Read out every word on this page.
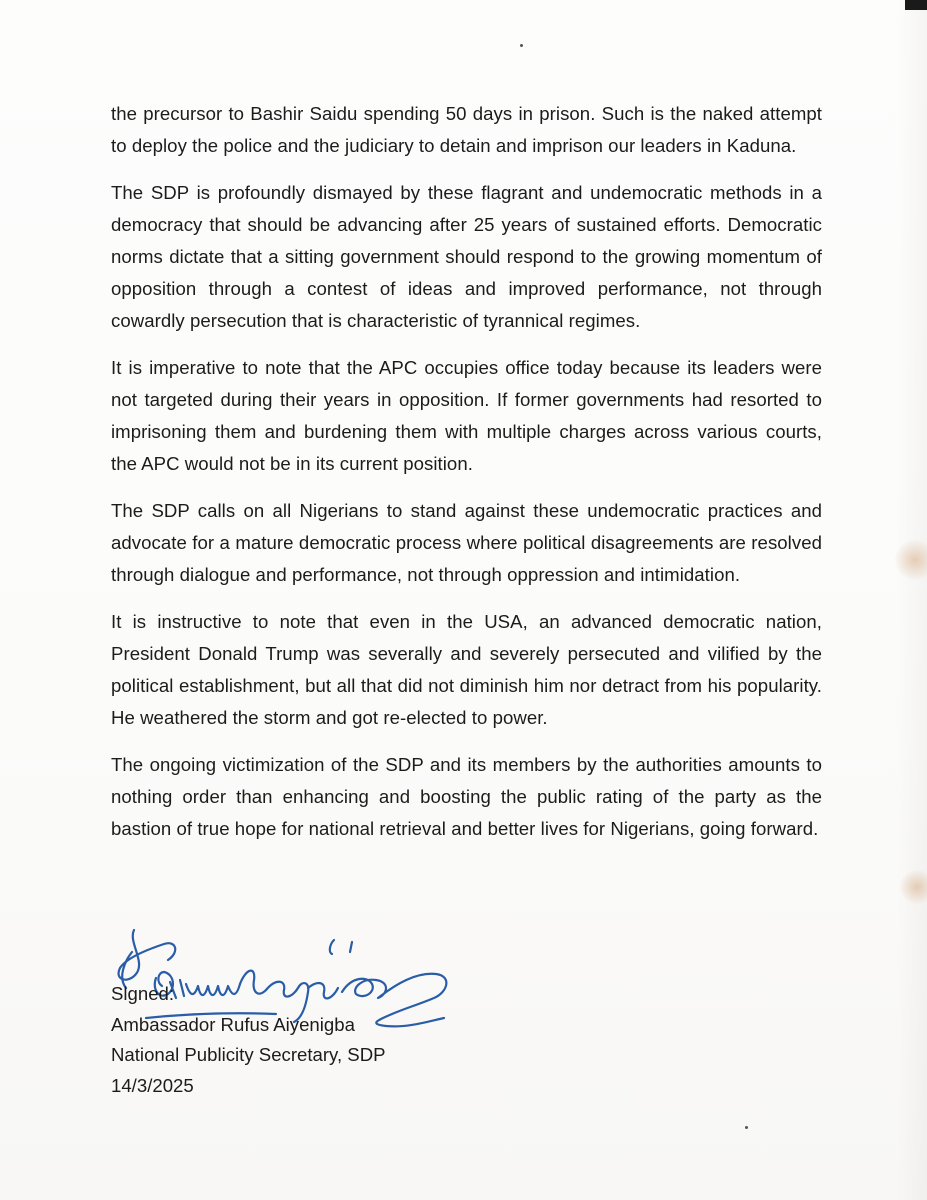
the precursor to Bashir Saidu spending 50 days in prison. Such is the naked attempt to deploy the police and the judiciary to detain and imprison our leaders in Kaduna.

The SDP is profoundly dismayed by these flagrant and undemocratic methods in a democracy that should be advancing after 25 years of sustained efforts. Democratic norms dictate that a sitting government should respond to the growing momentum of opposition through a contest of ideas and improved performance, not through cowardly persecution that is characteristic of tyrannical regimes.

It is imperative to note that the APC occupies office today because its leaders were not targeted during their years in opposition. If former governments had resorted to imprisoning them and burdening them with multiple charges across various courts, the APC would not be in its current position.

The SDP calls on all Nigerians to stand against these undemocratic practices and advocate for a mature democratic process where political disagreements are resolved through dialogue and performance, not through oppression and intimidation.

It is instructive to note that even in the USA, an advanced democratic nation, President Donald Trump was severally and severely persecuted and vilified by the political establishment, but all that did not diminish him nor detract from his popularity. He weathered the storm and got re-elected to power.

The ongoing victimization of the SDP and its members by the authorities amounts to nothing order than enhancing and boosting the public rating of the party as the bastion of true hope for national retrieval and better lives for Nigerians, going forward.

Slgned:
Ambassador Rufus Aiyenigba
National Publicity Secretary, SDP
14/3/2025
